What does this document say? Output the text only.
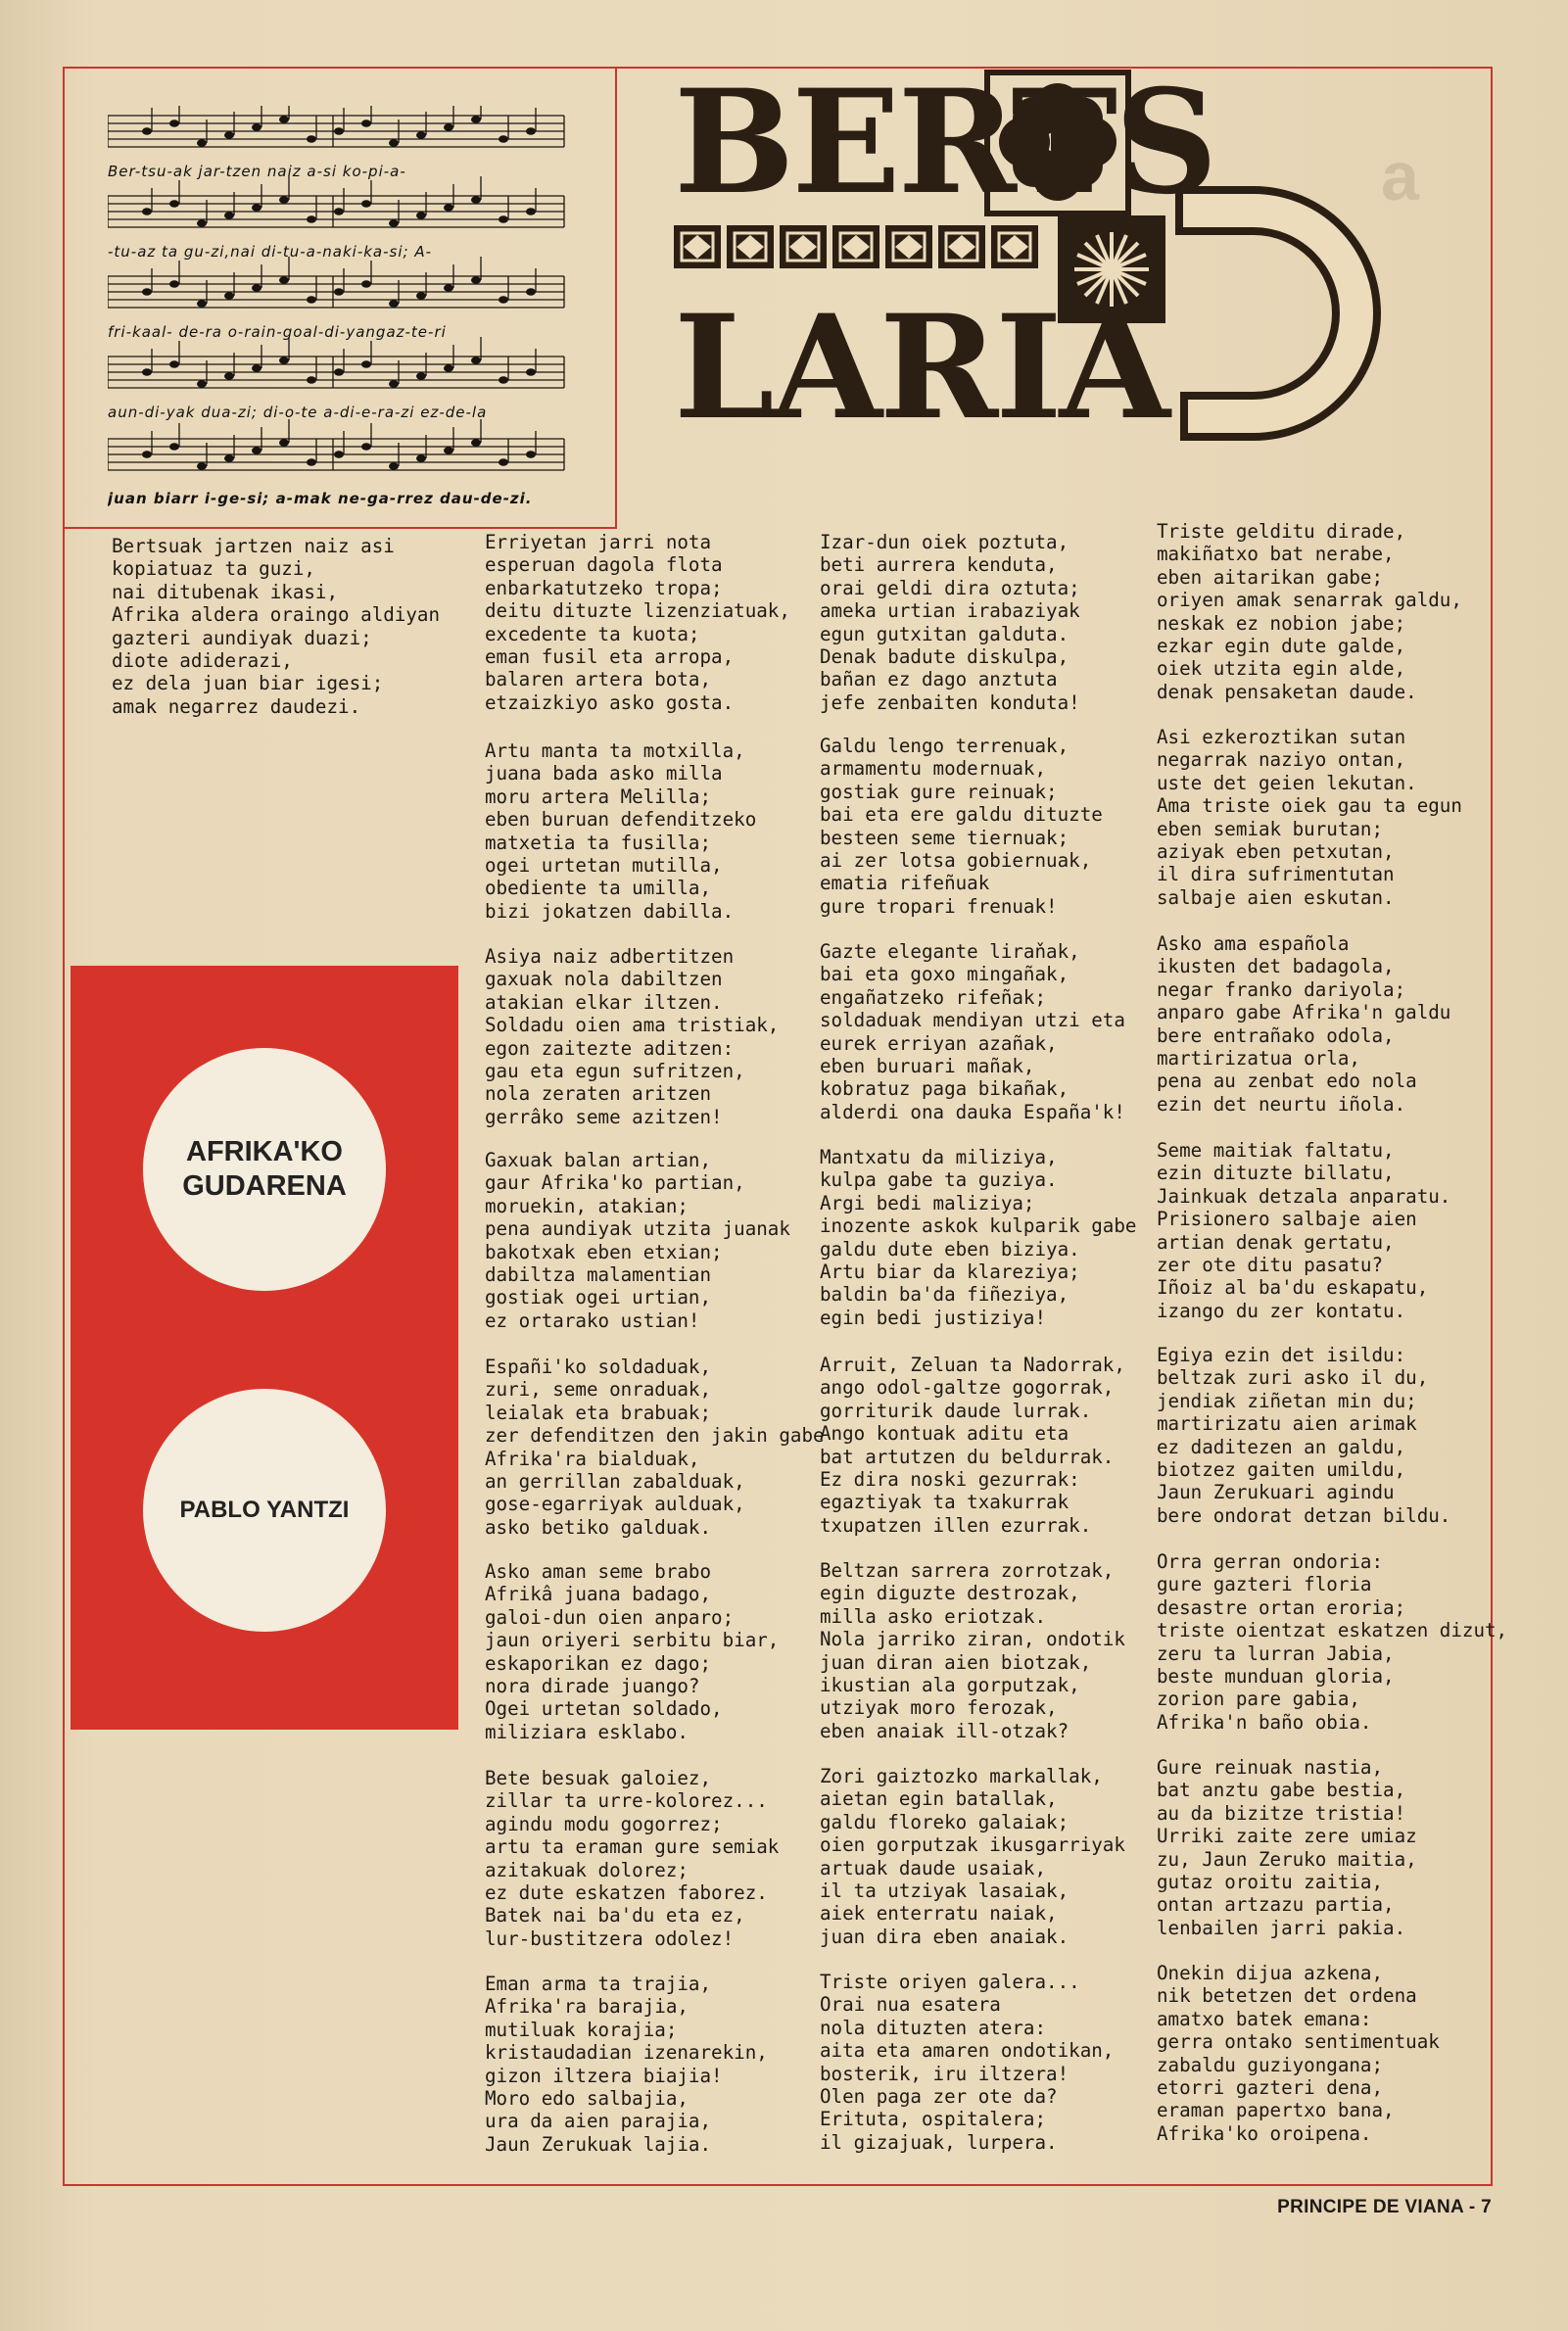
a
Ber-tsu-ak jar-tzen naiz a-si ko-pi-a-
-tu-az ta gu-zi,nai di-tu-a-naki-ka-si; A-
fri-kaal- de-ra o-rain-goal-di-yangaz-te-ri
aun-di-yak dua-zi; di-o-te a-di-e-ra-zi ez-de-la
juan biarr i-ge-si; a-mak ne-ga-rrez dau-de-zi.
BERTS
LARIA
AFRIKA'KO
GUDARENA
PABLO YANTZI
Bertsuak jartzen naiz asi
kopiatuaz ta guzi,
nai ditubenak ikasi,
Afrika aldera oraingo aldiyan
gazteri aundiyak duazi;
diote adiderazi,
ez dela juan biar igesi;
amak negarrez daudezi.
Erriyetan jarri nota
esperuan dagola flota
enbarkatutzeko tropa;
deitu dituzte lizenziatuak,
excedente ta kuota;
eman fusil eta arropa,
balaren artera bota,
etzaizkiyo asko gosta.
Artu manta ta motxilla,
juana bada asko milla
moru artera Melilla;
eben buruan defenditzeko
matxetia ta fusilla;
ogei urtetan mutilla,
obediente ta umilla,
bizi jokatzen dabilla.
Asiya naiz adbertitzen
gaxuak nola dabiltzen
atakian elkar iltzen.
Soldadu oien ama tristiak,
egon zaitezte aditzen:
gau eta egun sufritzen,
nola zeraten aritzen
gerrâko seme azitzen!
Gaxuak balan artian,
gaur Afrika'ko partian,
moruekin, atakian;
pena aundiyak utzita juanak
bakotxak eben etxian;
dabiltza malamentian
gostiak ogei urtian,
ez ortarako ustian!
Españi'ko soldaduak,
zuri, seme onraduak,
leialak eta brabuak;
zer defenditzen den jakin gabe
Afrika'ra bialduak,
an gerrillan zabalduak,
gose-egarriyak aulduak,
asko betiko galduak.
Asko aman seme brabo
Afrikâ juana badago,
galoi-dun oien anparo;
jaun oriyeri serbitu biar,
eskaporikan ez dago;
nora dirade juango?
Ogei urtetan soldado,
miliziara esklabo.
Bete besuak galoiez,
zillar ta urre-kolorez...
agindu modu gogorrez;
artu ta eraman gure semiak
azitakuak dolorez;
ez dute eskatzen faborez.
Batek nai ba'du eta ez,
lur-bustitzera odolez!
Eman arma ta trajia,
Afrika'ra barajia,
mutiluak korajia;
kristaudadian izenarekin,
gizon iltzera biajia!
Moro edo salbajia,
ura da aien parajia,
Jaun Zerukuak lajia.
Izar-dun oiek poztuta,
beti aurrera kenduta,
orai geldi dira oztuta;
ameka urtian irabaziyak
egun gutxitan galduta.
Denak badute diskulpa,
bañan ez dago anztuta
jefe zenbaiten konduta!
Galdu lengo terrenuak,
armamentu modernuak,
gostiak gure reinuak;
bai eta ere galdu dituzte
besteen seme tiernuak;
ai zer lotsa gobiernuak,
ematia rifeñuak
gure tropari frenuak!
Gazte elegante liraňak,
bai eta goxo mingañak,
engañatzeko rifeñak;
soldaduak mendiyan utzi eta
eurek erriyan azañak,
eben buruari mañak,
kobratuz paga bikañak,
alderdi ona dauka España'k!
Mantxatu da miliziya,
kulpa gabe ta guziya.
Argi bedi maliziya;
inozente askok kulparik gabe
galdu dute eben biziya.
Artu biar da klareziya;
baldin ba'da fiñeziya,
egin bedi justiziya!
Arruit, Zeluan ta Nadorrak,
ango odol-galtze gogorrak,
gorriturik daude lurrak.
Ango kontuak aditu eta
bat artutzen du beldurrak.
Ez dira noski gezurrak:
egaztiyak ta txakurrak
txupatzen illen ezurrak.
Beltzan sarrera zorrotzak,
egin diguzte destrozak,
milla asko eriotzak.
Nola jarriko ziran, ondotik
juan diran aien biotzak,
ikustian ala gorputzak,
utziyak moro ferozak,
eben anaiak ill-otzak?
Zori gaiztozko markallak,
aietan egin batallak,
galdu floreko galaiak;
oien gorputzak ikusgarriyak
artuak daude usaiak,
il ta utziyak lasaiak,
aiek enterratu naiak,
juan dira eben anaiak.
Triste oriyen galera...
Orai nua esatera
nola dituzten atera:
aita eta amaren ondotikan,
bosterik, iru iltzera!
Olen paga zer ote da?
Erituta, ospitalera;
il gizajuak, lurpera.
Triste gelditu dirade,
makiñatxo bat nerabe,
eben aitarikan gabe;
oriyen amak senarrak galdu,
neskak ez nobion jabe;
ezkar egin dute galde,
oiek utzita egin alde,
denak pensaketan daude.
Asi ezkeroztikan sutan
negarrak naziyo ontan,
uste det geien lekutan.
Ama triste oiek gau ta egun
eben semiak burutan;
aziyak eben petxutan,
il dira sufrimentutan
salbaje aien eskutan.
Asko ama española
ikusten det badagola,
negar franko dariyola;
anparo gabe Afrika'n galdu
bere entrañako odola,
martirizatua orla,
pena au zenbat edo nola
ezin det neurtu iñola.
Seme maitiak faltatu,
ezin dituzte billatu,
Jainkuak detzala anparatu.
Prisionero salbaje aien
artian denak gertatu,
zer ote ditu pasatu?
Iñoiz al ba'du eskapatu,
izango du zer kontatu.
Egiya ezin det isildu:
beltzak zuri asko il du,
jendiak ziñetan min du;
martirizatu aien arimak
ez daditezen an galdu,
biotzez gaiten umildu,
Jaun Zerukuari agindu
bere ondorat detzan bildu.
Orra gerran ondoria:
gure gazteri floria
desastre ortan eroria;
triste oientzat eskatzen dizut,
zeru ta lurran Jabia,
beste munduan gloria,
zorion pare gabia,
Afrika'n baño obia.
Gure reinuak nastia,
bat anztu gabe bestia,
au da bizitze tristia!
Urriki zaite zere umiaz
zu, Jaun Zeruko maitia,
gutaz oroitu zaitia,
ontan artzazu partia,
lenbailen jarri pakia.
Onekin dijua azkena,
nik betetzen det ordena
amatxo batek emana:
gerra ontako sentimentuak
zabaldu guziyongana;
etorri gazteri dena,
eraman papertxo bana,
Afrika'ko oroipena.
PRINCIPE DE VIANA - 7
